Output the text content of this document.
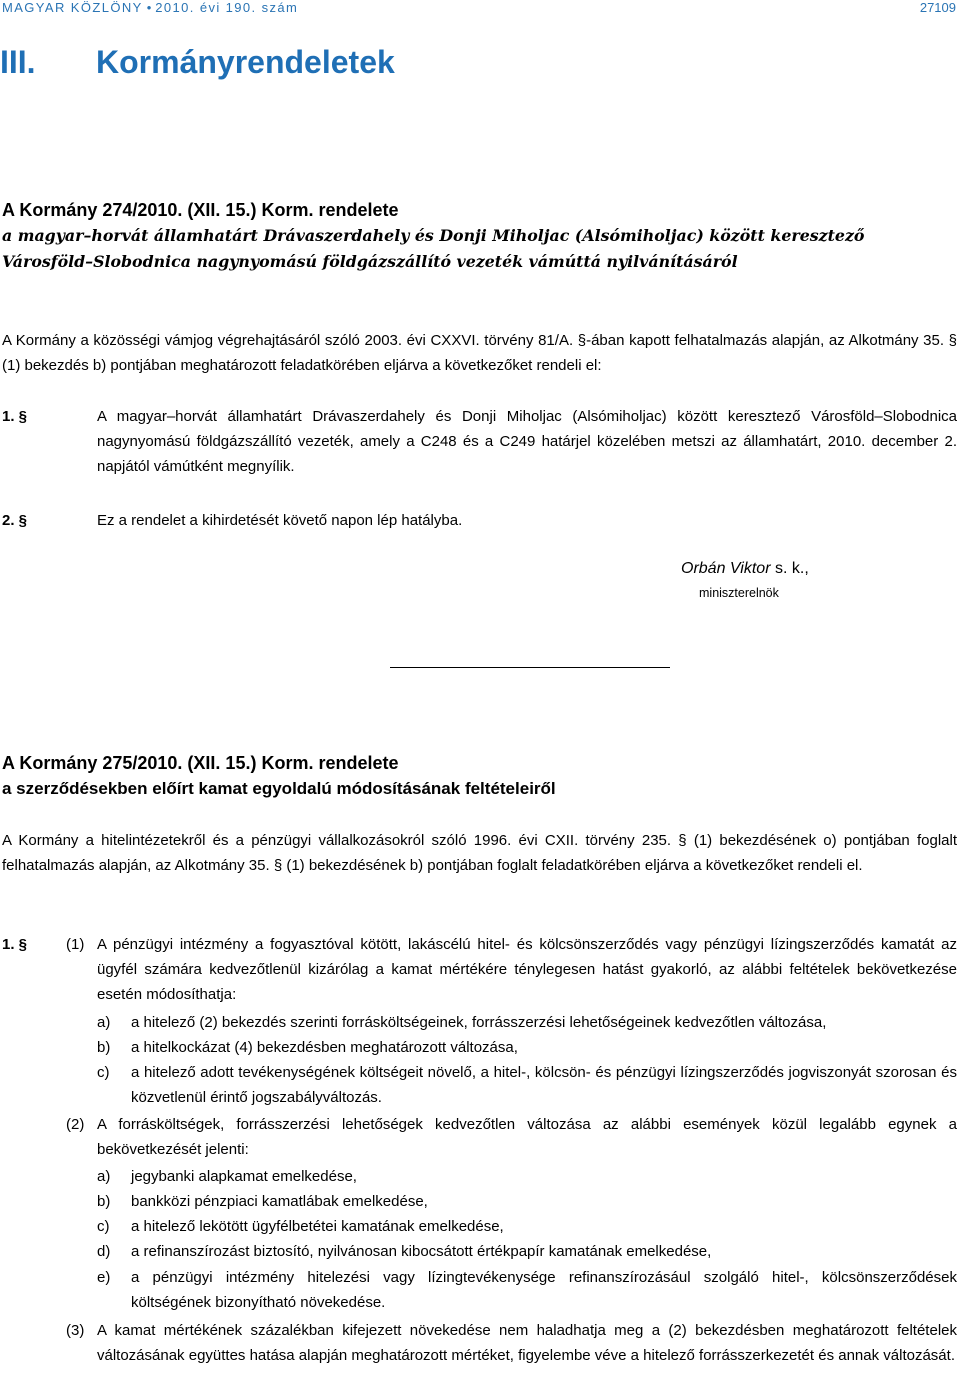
MAGYAR KÖZLÖNY • 2010. évi 190. szám	27109
III. Kormányrendeletek
A Kormány 274/2010. (XII. 15.) Korm. rendelete
a magyar–horvát államhatárt Drávaszerdahely és Donji Miholjac (Alsómiholjac) között keresztező
Városföld–Slobodnica nagynyomású földgázszállító vezeték vámúttá nyilvánításáról
A Kormány a közösségi vámjog végrehajtásáról szóló 2003. évi CXXVI. törvény 81/A. §-ában kapott felhatalmazás alapján, az Alkotmány 35. § (1) bekezdés b) pontjában meghatározott feladatkörében eljárva a következőket rendeli el:
1. §	A magyar–horvát államhatárt Drávaszerdahely és Donji Miholjac (Alsómiholjac) között keresztező Városföld–Slobodnica nagynyomású földgázszállító vezeték, amely a C248 és a C249 határjel közelében metszi az államhatárt, 2010. december 2. napjától vámútként megnyílik.
2. §	Ez a rendelet a kihirdetését követő napon lép hatályba.
Orbán Viktor s. k.,
miniszterelnök
A Kormány 275/2010. (XII. 15.) Korm. rendelete
a szerződésekben előírt kamat egyoldalú módosításának feltételeiről
A Kormány a hitelintézetekről és a pénzügyi vállalkozásokról szóló 1996. évi CXII. törvény 235. § (1) bekezdésének o) pontjában foglalt felhatalmazás alapján, az Alkotmány 35. § (1) bekezdésének b) pontjában foglalt feladatkörében eljárva a következőket rendeli el.
1. §	(1) A pénzügyi intézmény a fogyasztóval kötött, lakáscélú hitel- és kölcsönszerződés vagy pénzügyi lízingszerződés kamatát az ügyfél számára kedvezőtlenül kizárólag a kamat mértékére ténylegesen hatást gyakorló, az alábbi feltételek bekövetkezése esetén módosíthatja:
a) a hitelező (2) bekezdés szerinti forrásköltségeinek, forrásszerzési lehetőségeinek kedvezőtlen változása,
b) a hitelkockázat (4) bekezdésben meghatározott változása,
c) a hitelező adott tevékenységének költségeit növelő, a hitel-, kölcsön- és pénzügyi lízingszerződés jogviszonyát szorosan és közvetlenül érintő jogszabályváltozás.
(2) A forrásköltségek, forrásszerzési lehetőségek kedvezőtlen változása az alábbi események közül legalább egynek a bekövetkezését jelenti:
a) jegybanki alapkamat emelkedése,
b) bankközi pénzpiaci kamatlábak emelkedése,
c) a hitelező lekötött ügyfélbetétei kamatának emelkedése,
d) a refinanszírozást biztosító, nyilvánosan kibocsátott értékpapír kamatának emelkedése,
e) a pénzügyi intézmény hitelezési vagy lízingtevékenysége refinanszírozásául szolgáló hitel-, kölcsönszerződések költségének bizonyítható növekedése.
(3) A kamat mértékének százalékban kifejezett növekedése nem haladhatja meg a (2) bekezdésben meghatározott feltételek változásának együttes hatása alapján meghatározott mértéket, figyelembe véve a hitelező forrásszerkezetét és annak változását.
